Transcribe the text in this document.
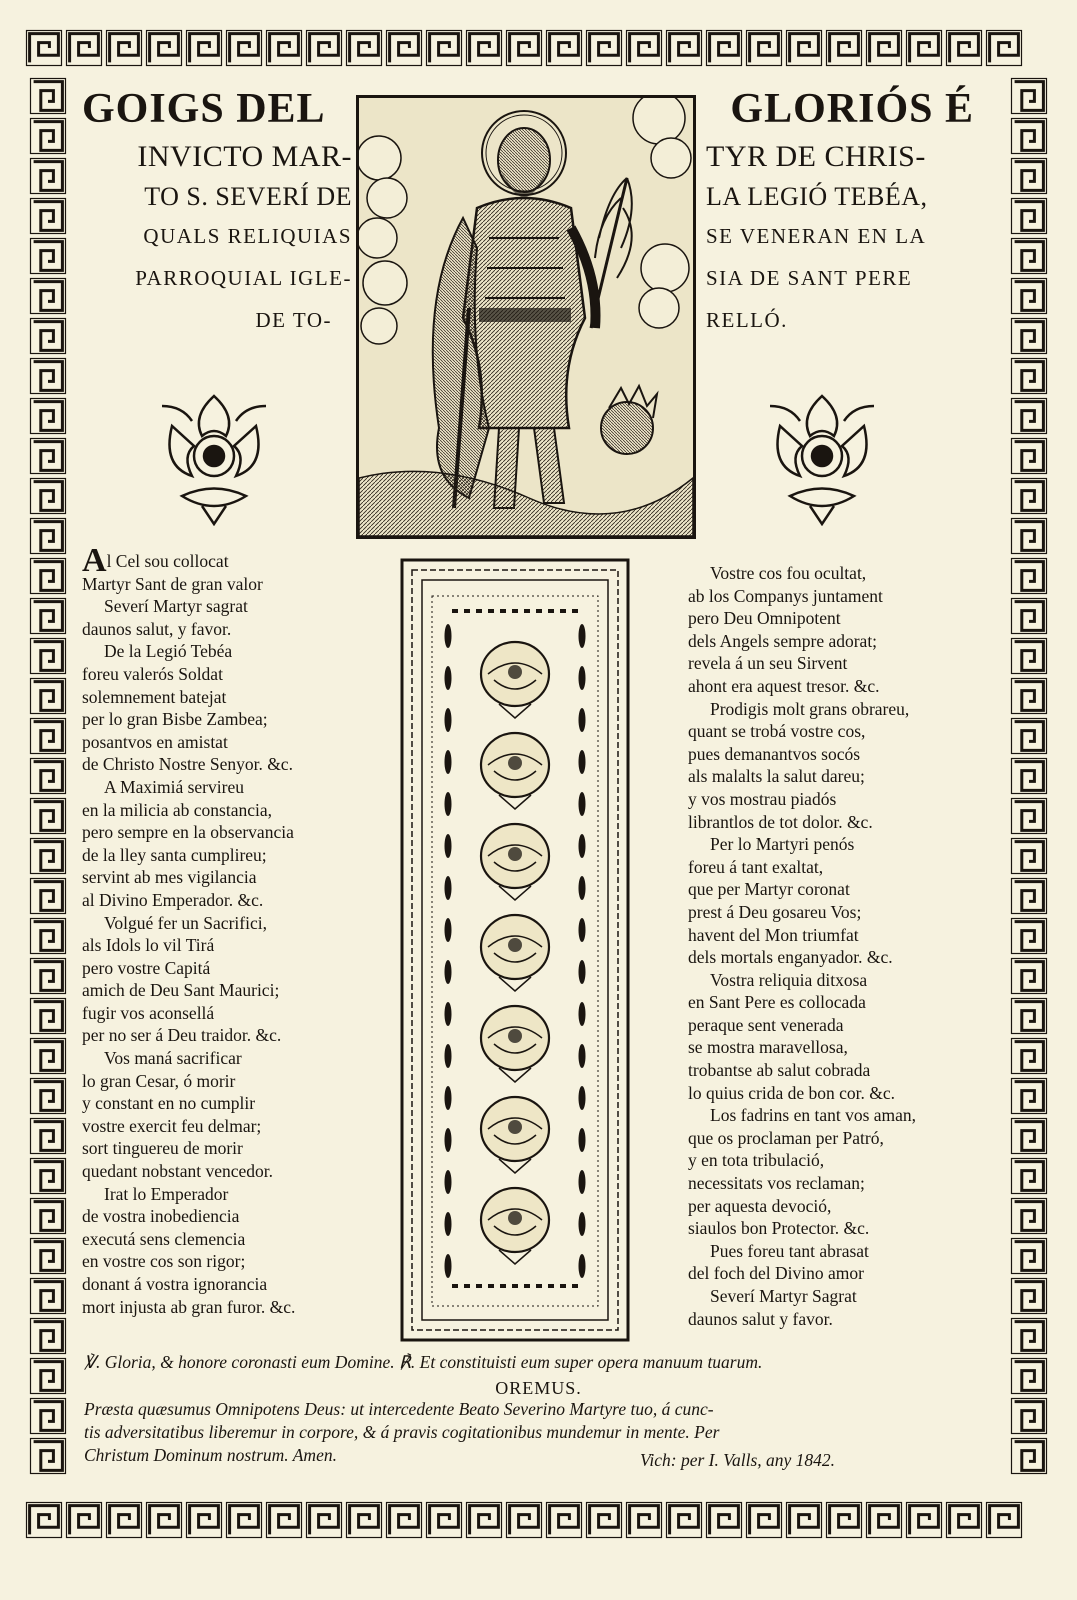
GOIGS DEL
INVICTO MAR-
TO S. SEVERÍ DE
QUALS RELIQUIAS
PARROQUIAL IGLE-
DE TO-
GLORIÓS É
TYR DE CHRIS-
LA LEGIÓ TEBÉA,
SE VENERAN EN LA
SIA DE SANT PERE
RELLÓ.
Al Cel sou collocat
Martyr Sant de gran valor
Severí Martyr sagrat
daunos salut, y favor.
De la Legió Tebéa
foreu valerós Soldat
solemnement batejat
per lo gran Bisbe Zambea;
posantvos en amistat
de Christo Nostre Senyor. &c.
A Maximiá servireu
en la milicia ab constancia,
pero sempre en la observancia
de la lley santa cumplireu;
servint ab mes vigilancia
al Divino Emperador. &c.
Volgué fer un Sacrifici,
als Idols lo vil Tirá
pero vostre Capitá
amich de Deu Sant Maurici;
fugir vos aconsellá
per no ser á Deu traidor. &c.
Vos maná sacrificar
lo gran Cesar, ó morir
y constant en no cumplir
vostre exercit feu delmar;
sort tinguereu de morir
quedant nobstant vencedor.
Irat lo Emperador
de vostra inobediencia
executá sens clemencia
en vostre cos son rigor;
donant á vostra ignorancia
mort injusta ab gran furor. &c.
Vostre cos fou ocultat,
ab los Companys juntament
pero Deu Omnipotent
dels Angels sempre adorat;
revela á un seu Sirvent
ahont era aquest tresor. &c.
Prodigis molt grans obrareu,
quant se trobá vostre cos,
pues demanantvos socós
als malalts la salut dareu;
y vos mostrau piadós
librantlos de tot dolor. &c.
Per lo Martyri penós
foreu á tant exaltat,
que per Martyr coronat
prest á Deu gosareu Vos;
havent del Mon triumfat
dels mortals enganyador. &c.
Vostra reliquia ditxosa
en Sant Pere es collocada
peraque sent venerada
se mostra maravellosa,
trobantse ab salut cobrada
lo quius crida de bon cor. &c.
Los fadrins en tant vos aman,
que os proclaman per Patró,
y en tota tribulació,
necessitats vos reclaman;
per aquesta devoció,
siaulos bon Protector. &c.
Pues foreu tant abrasat
del foch del Divino amor
Severí Martyr Sagrat
daunos salut y favor.
℣. Gloria, & honore coronasti eum Domine. ℟. Et constituisti eum super opera manuum tuarum.
OREMUS.
Præsta quæsumus Omnipotens Deus: ut intercedente Beato Severino Martyre tuo, á cunc-
tis adversitatibus liberemur in corpore, & á pravis cogitationibus mundemur in mente. Per
Christum Dominum nostrum. Amen.	Vich: per I. Valls, any 1842.
